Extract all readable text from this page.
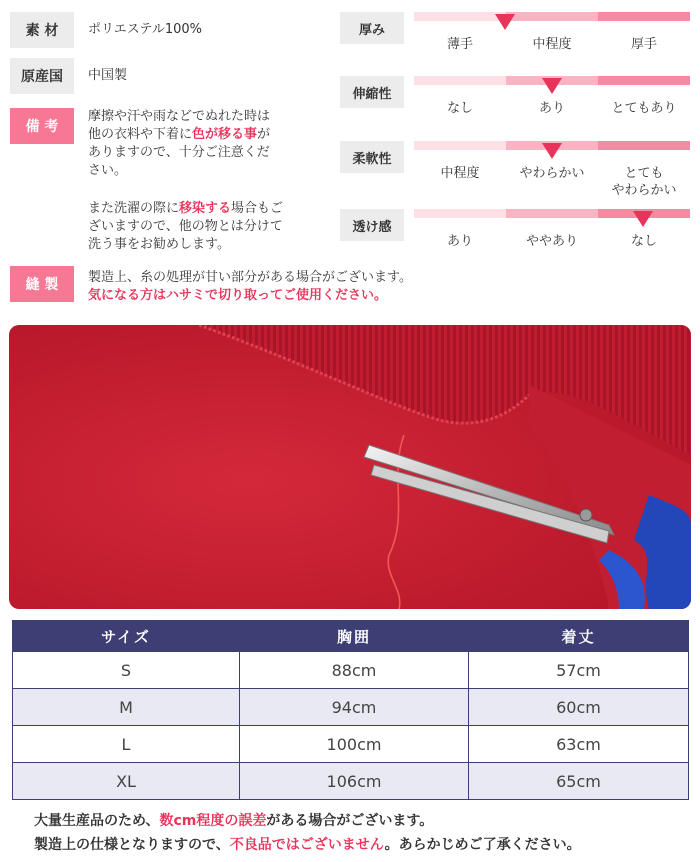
素 材	ポリエステル100%
原産国	中国製
備 考
摩擦や汗や雨などでぬれた時は
他の衣料や下着に色が移る事が
ありますので、十分ご注意くだ
さい。
また洗濯の際に移染する場合もご
ざいますので、他の物とは分けて
洗う事をお勧めします。
縫 製	製造上、糸の処理が甘い部分がある場合がございます。
気になる方はハサミで切り取ってご使用ください。
厚み
薄手	中程度	厚手
伸縮性
なし	あり	とてもあり
柔軟性
中程度	やわらかい	とても
やわらかい
透け感
あり	ややあり	なし
サイズ	胸囲	着丈
S	88cm	57cm
M	94cm	60cm
L	100cm	63cm
XL	106cm	65cm
大量生産品のため、数cm程度の誤差がある場合がございます。
製造上の仕様となりますので、不良品ではございません。あらかじめご了承ください。
